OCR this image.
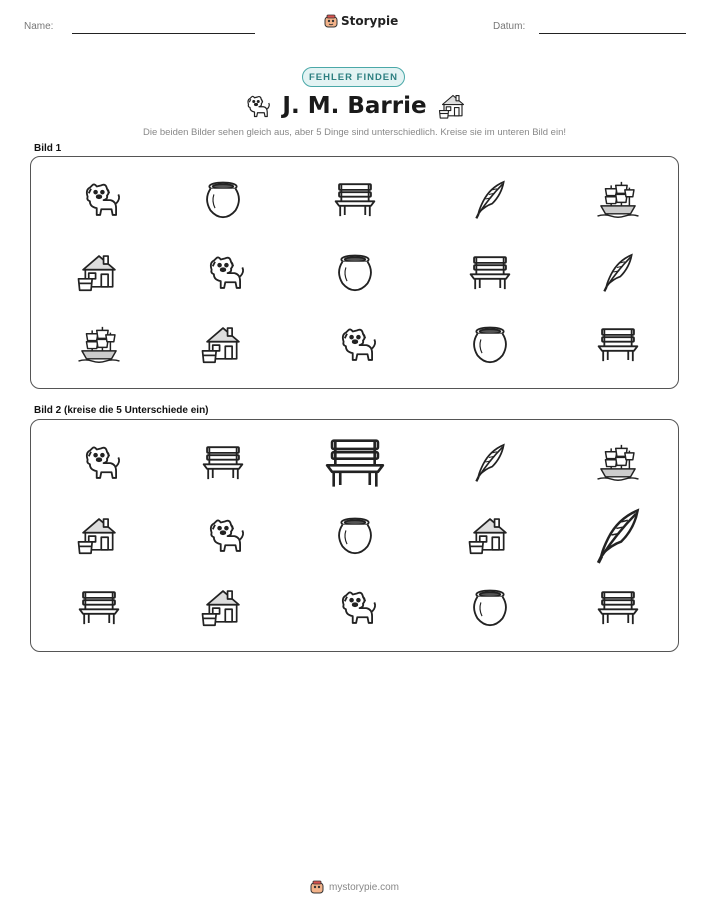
Name:	Storypie	Datum:
FEHLER FINDEN
J. M. Barrie
Die beiden Bilder sehen gleich aus, aber 5 Dinge sind unterschiedlich. Kreise sie im unteren Bild ein!
Bild 1
Bild 2 (kreise die 5 Unterschiede ein)
mystorypie.com
